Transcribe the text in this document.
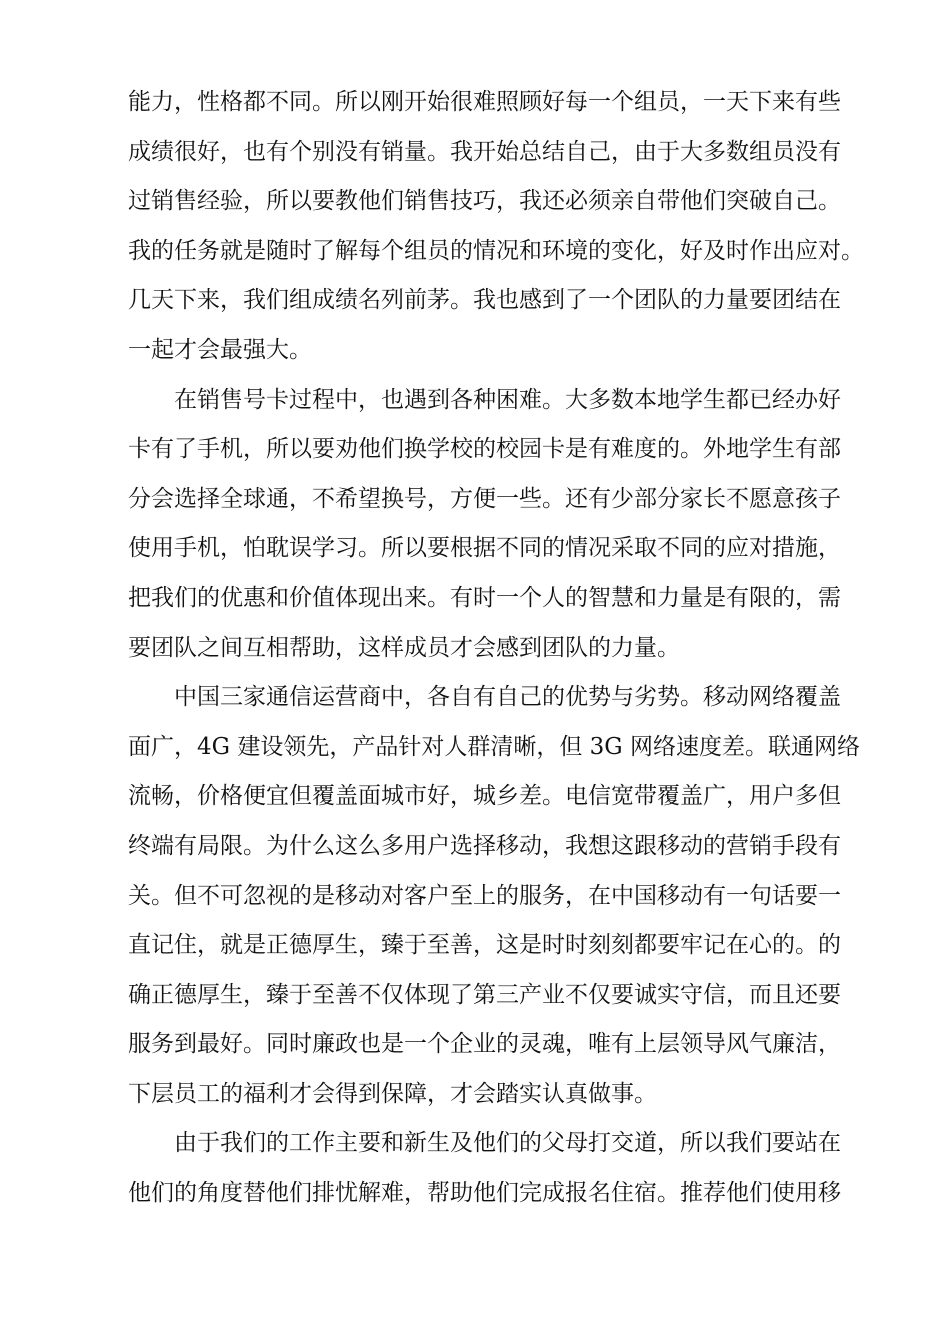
能力，性格都不同。所以刚开始很难照顾好每一个组员，一天下来有些
成绩很好，也有个别没有销量。我开始总结自己，由于大多数组员没有
过销售经验，所以要教他们销售技巧，我还必须亲自带他们突破自己。
我的任务就是随时了解每个组员的情况和环境的变化，好及时作出应对。
几天下来，我们组成绩名列前茅。我也感到了一个团队的力量要团结在
一起才会最强大。
在销售号卡过程中，也遇到各种困难。大多数本地学生都已经办好
卡有了手机，所以要劝他们换学校的校园卡是有难度的。外地学生有部
分会选择全球通，不希望换号，方便一些。还有少部分家长不愿意孩子
使用手机，怕耽误学习。所以要根据不同的情况采取不同的应对措施，
把我们的优惠和价值体现出来。有时一个人的智慧和力量是有限的，需
要团队之间互相帮助，这样成员才会感到团队的力量。
中国三家通信运营商中，各自有自己的优势与劣势。移动网络覆盖
面广，4G 建设领先，产品针对人群清晰，但 3G 网络速度差。联通网络
流畅，价格便宜但覆盖面城市好，城乡差。电信宽带覆盖广，用户多但
终端有局限。为什么这么多用户选择移动，我想这跟移动的营销手段有
关。但不可忽视的是移动对客户至上的服务，在中国移动有一句话要一
直记住，就是正德厚生，臻于至善，这是时时刻刻都要牢记在心的。的
确正德厚生，臻于至善不仅体现了第三产业不仅要诚实守信，而且还要
服务到最好。同时廉政也是一个企业的灵魂，唯有上层领导风气廉洁，
下层员工的福利才会得到保障，才会踏实认真做事。
由于我们的工作主要和新生及他们的父母打交道，所以我们要站在
他们的角度替他们排忧解难，帮助他们完成报名住宿。推荐他们使用移
